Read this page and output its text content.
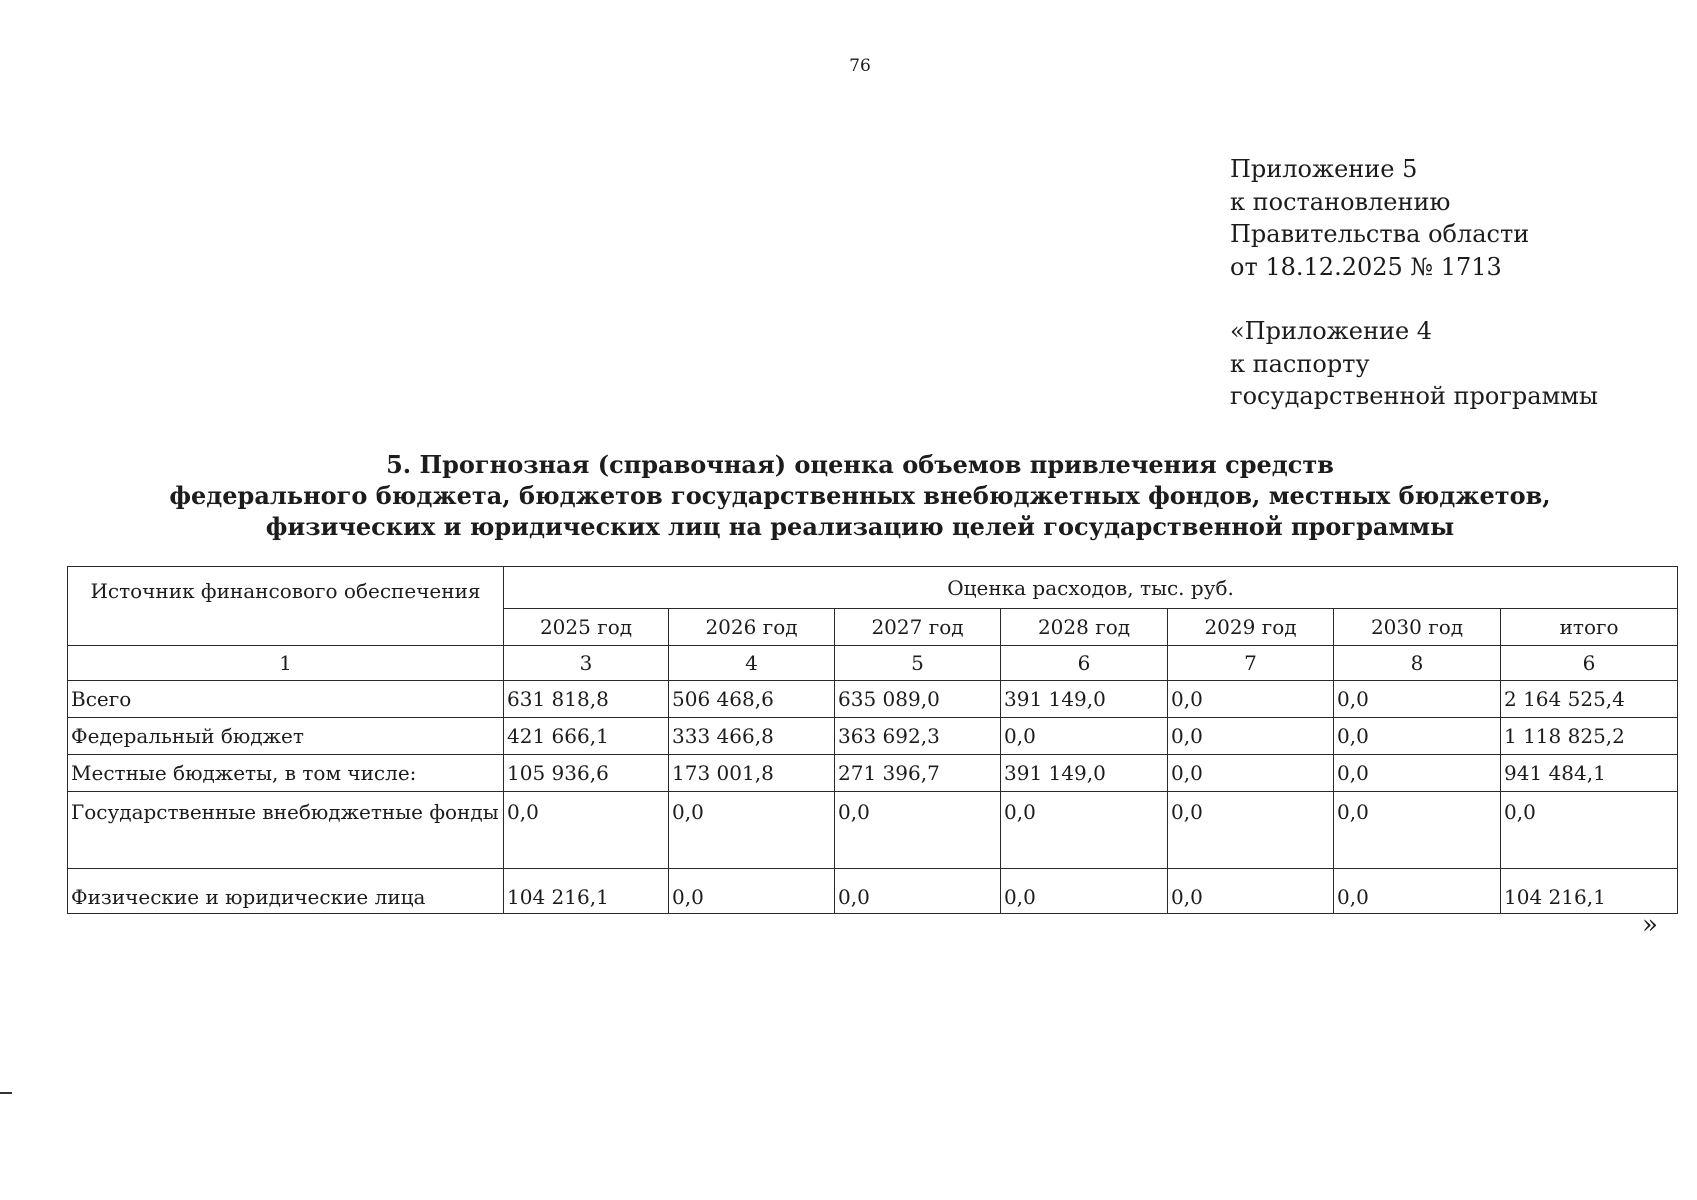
76
Приложение 5
к постановлению
Правительства области
от 18.12.2025 № 1713
«Приложение 4
к паспорту
государственной программы
5. Прогнозная (справочная) оценка объемов привлечения средств
федерального бюджета, бюджетов государственных внебюджетных фондов, местных бюджетов,
физических и юридических лиц на реализацию целей государственной программы
Источник финансового обеспечения	Оценка расходов, тыс. руб.						
	2025 год	2026 год	2027 год	2028 год	2029 год	2030 год	итого
1	3	4	5	6	7	8	6
Всего	631 818,8	506 468,6	635 089,0	391 149,0	0,0	0,0	2 164 525,4
Федеральный бюджет	421 666,1	333 466,8	363 692,3	0,0	0,0	0,0	1 118 825,2
Местные бюджеты, в том числе:	105 936,6	173 001,8	271 396,7	391 149,0	0,0	0,0	941 484,1
Государственные внебюджетные фонды	0,0	0,0	0,0	0,0	0,0	0,0	0,0
Физические и юридические лица	104 216,1	0,0	0,0	0,0	0,0	0,0	104 216,1
»
